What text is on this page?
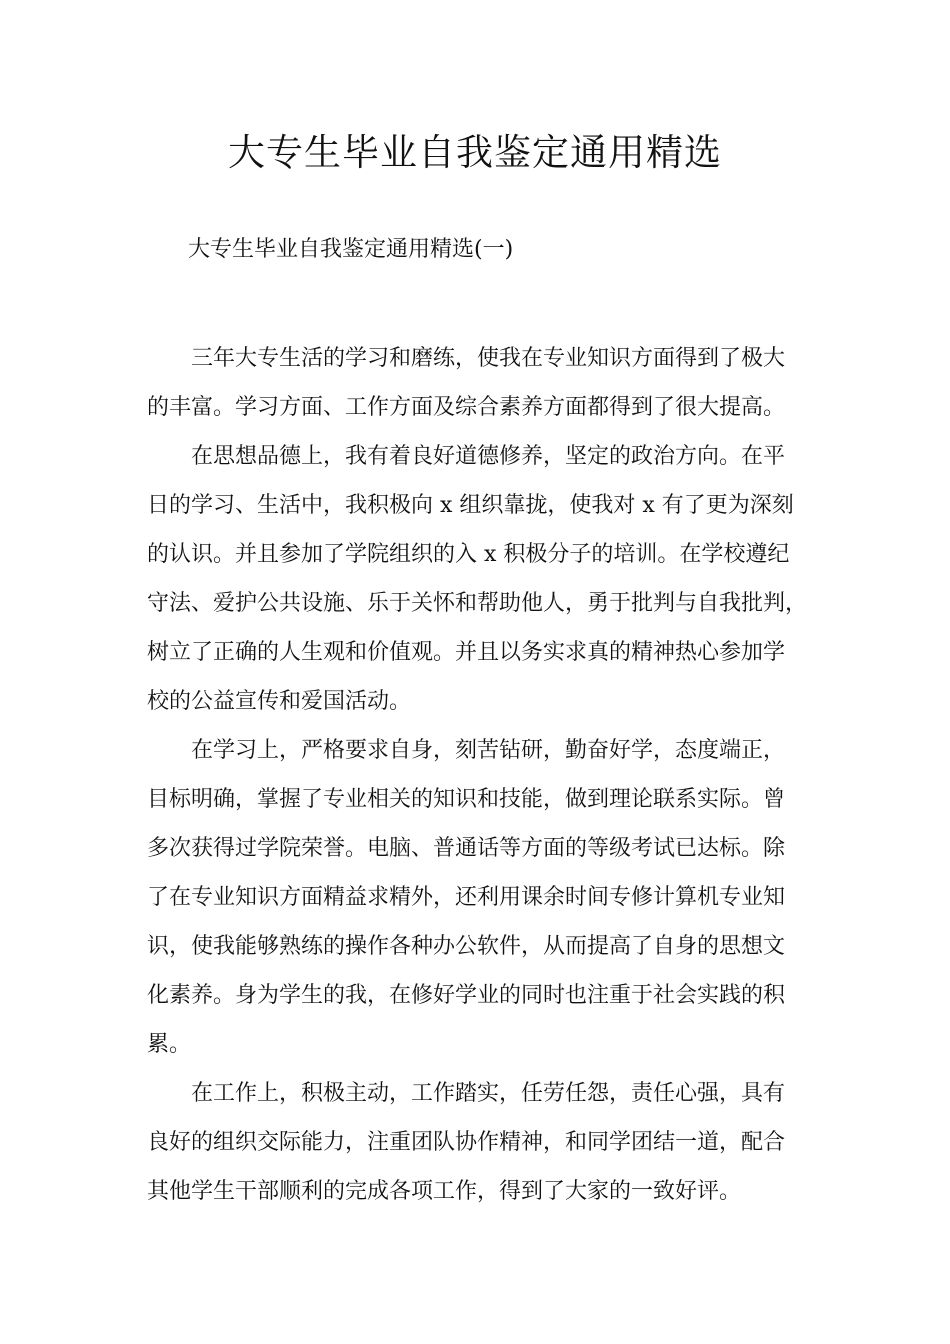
大专生毕业自我鉴定通用精选

大专生毕业自我鉴定通用精选(一)

三年大专生活的学习和磨练，使我在专业知识方面得到了极大
的丰富。学习方面、工作方面及综合素养方面都得到了很大提高。

在思想品德上，我有着良好道德修养，坚定的政治方向。在平
日的学习、生活中，我积极向 x 组织靠拢，使我对 x 有了更为深刻
的认识。并且参加了学院组织的入 x 积极分子的培训。在学校遵纪
守法、爱护公共设施、乐于关怀和帮助他人，勇于批判与自我批判，
树立了正确的人生观和价值观。并且以务实求真的精神热心参加学
校的公益宣传和爱国活动。

在学习上，严格要求自身，刻苦钻研，勤奋好学，态度端正，
目标明确，掌握了专业相关的知识和技能，做到理论联系实际。曾
多次获得过学院荣誉。电脑、普通话等方面的等级考试已达标。除
了在专业知识方面精益求精外，还利用课余时间专修计算机专业知
识，使我能够熟练的操作各种办公软件，从而提高了自身的思想文
化素养。身为学生的我，在修好学业的同时也注重于社会实践的积
累。

在工作上，积极主动，工作踏实，任劳任怨，责任心强，具有
良好的组织交际能力，注重团队协作精神，和同学团结一道，配合
其他学生干部顺利的完成各项工作，得到了大家的一致好评。
